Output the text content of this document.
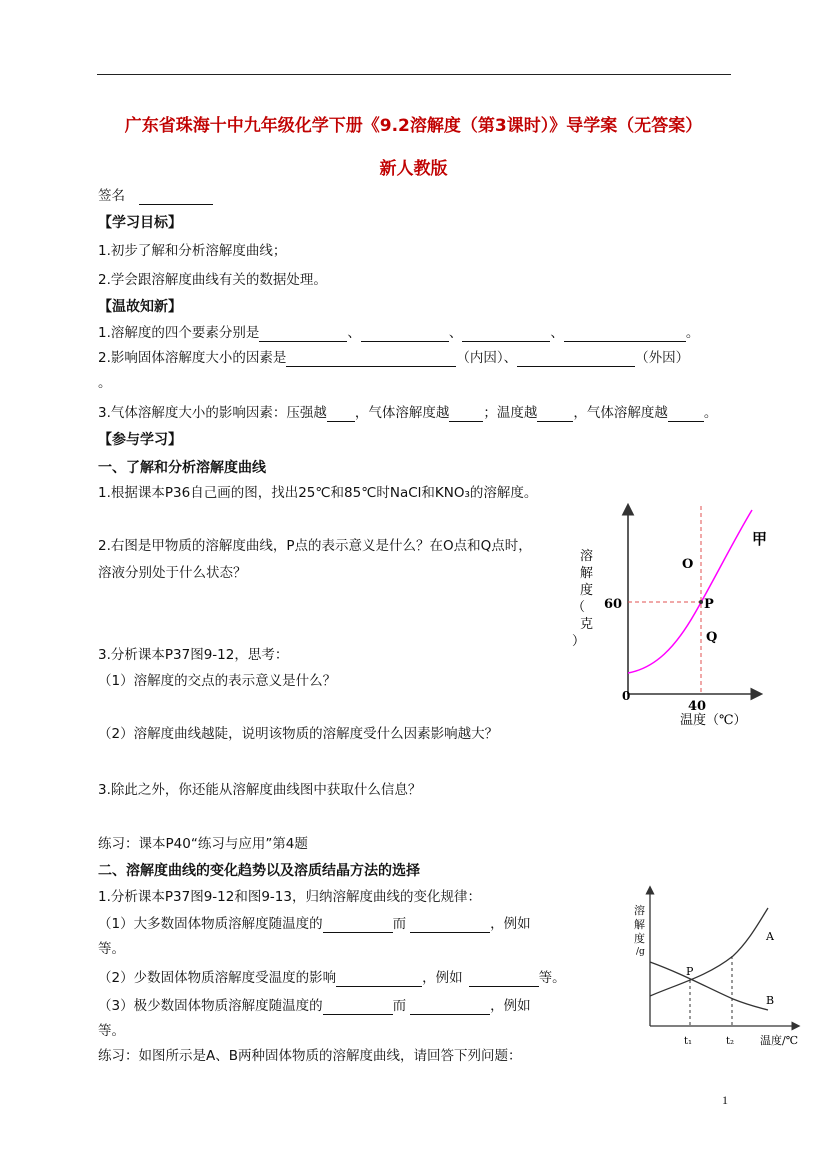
广东省珠海十中九年级化学下册《9.2溶解度（第3课时）》导学案（无答案）
新人教版
签名
【学习目标】
1.初步了解和分析溶解度曲线；
2.学会跟溶解度曲线有关的数据处理。
【温故知新】
1.溶解度的四个要素分别是	、	、	、	。
2.影响固体溶解度大小的因素是	（内因）、	（外因）
。
3.气体溶解度大小的影响因素：压强越 ，气体溶解度越	；温度越	，气体溶解度越	。
【参与学习】
一、了解和分析溶解度曲线
1.根据课本P36自己画的图，找出25℃和85℃时NaCl和KNO₃的溶解度。
2.右图是甲物质的溶解度曲线，P点的表示意义是什么？在O点和Q点时，
溶液分别处于什么状态？
3.分析课本P37图9-12，思考：
（1）溶解度的交点的表示意义是什么？
（2）溶解度曲线越陡，说明该物质的溶解度受什么因素影响越大？
3.除此之外，你还能从溶解度曲线图中获取什么信息？
练习：课本P40“练习与应用”第4题
二、溶解度曲线的变化趋势以及溶质结晶方法的选择
1.分析课本P37图9-12和图9-13，归纳溶解度曲线的变化规律：
（1）大多数固体物质溶解度随温度的	而	，例如
等。
（2）少数固体物质溶解度受温度的影响	，例如	等。
（3）极少数固体物质溶解度随温度的	而	，例如
等。
练习：如图所示是A、B两种固体物质的溶解度曲线，请回答下列问题：
溶解度（克）
甲
O
P
Q
60
40
0
温度（℃）
溶解度/g
P
A
B
t₁	t₂ 温度/℃
1
